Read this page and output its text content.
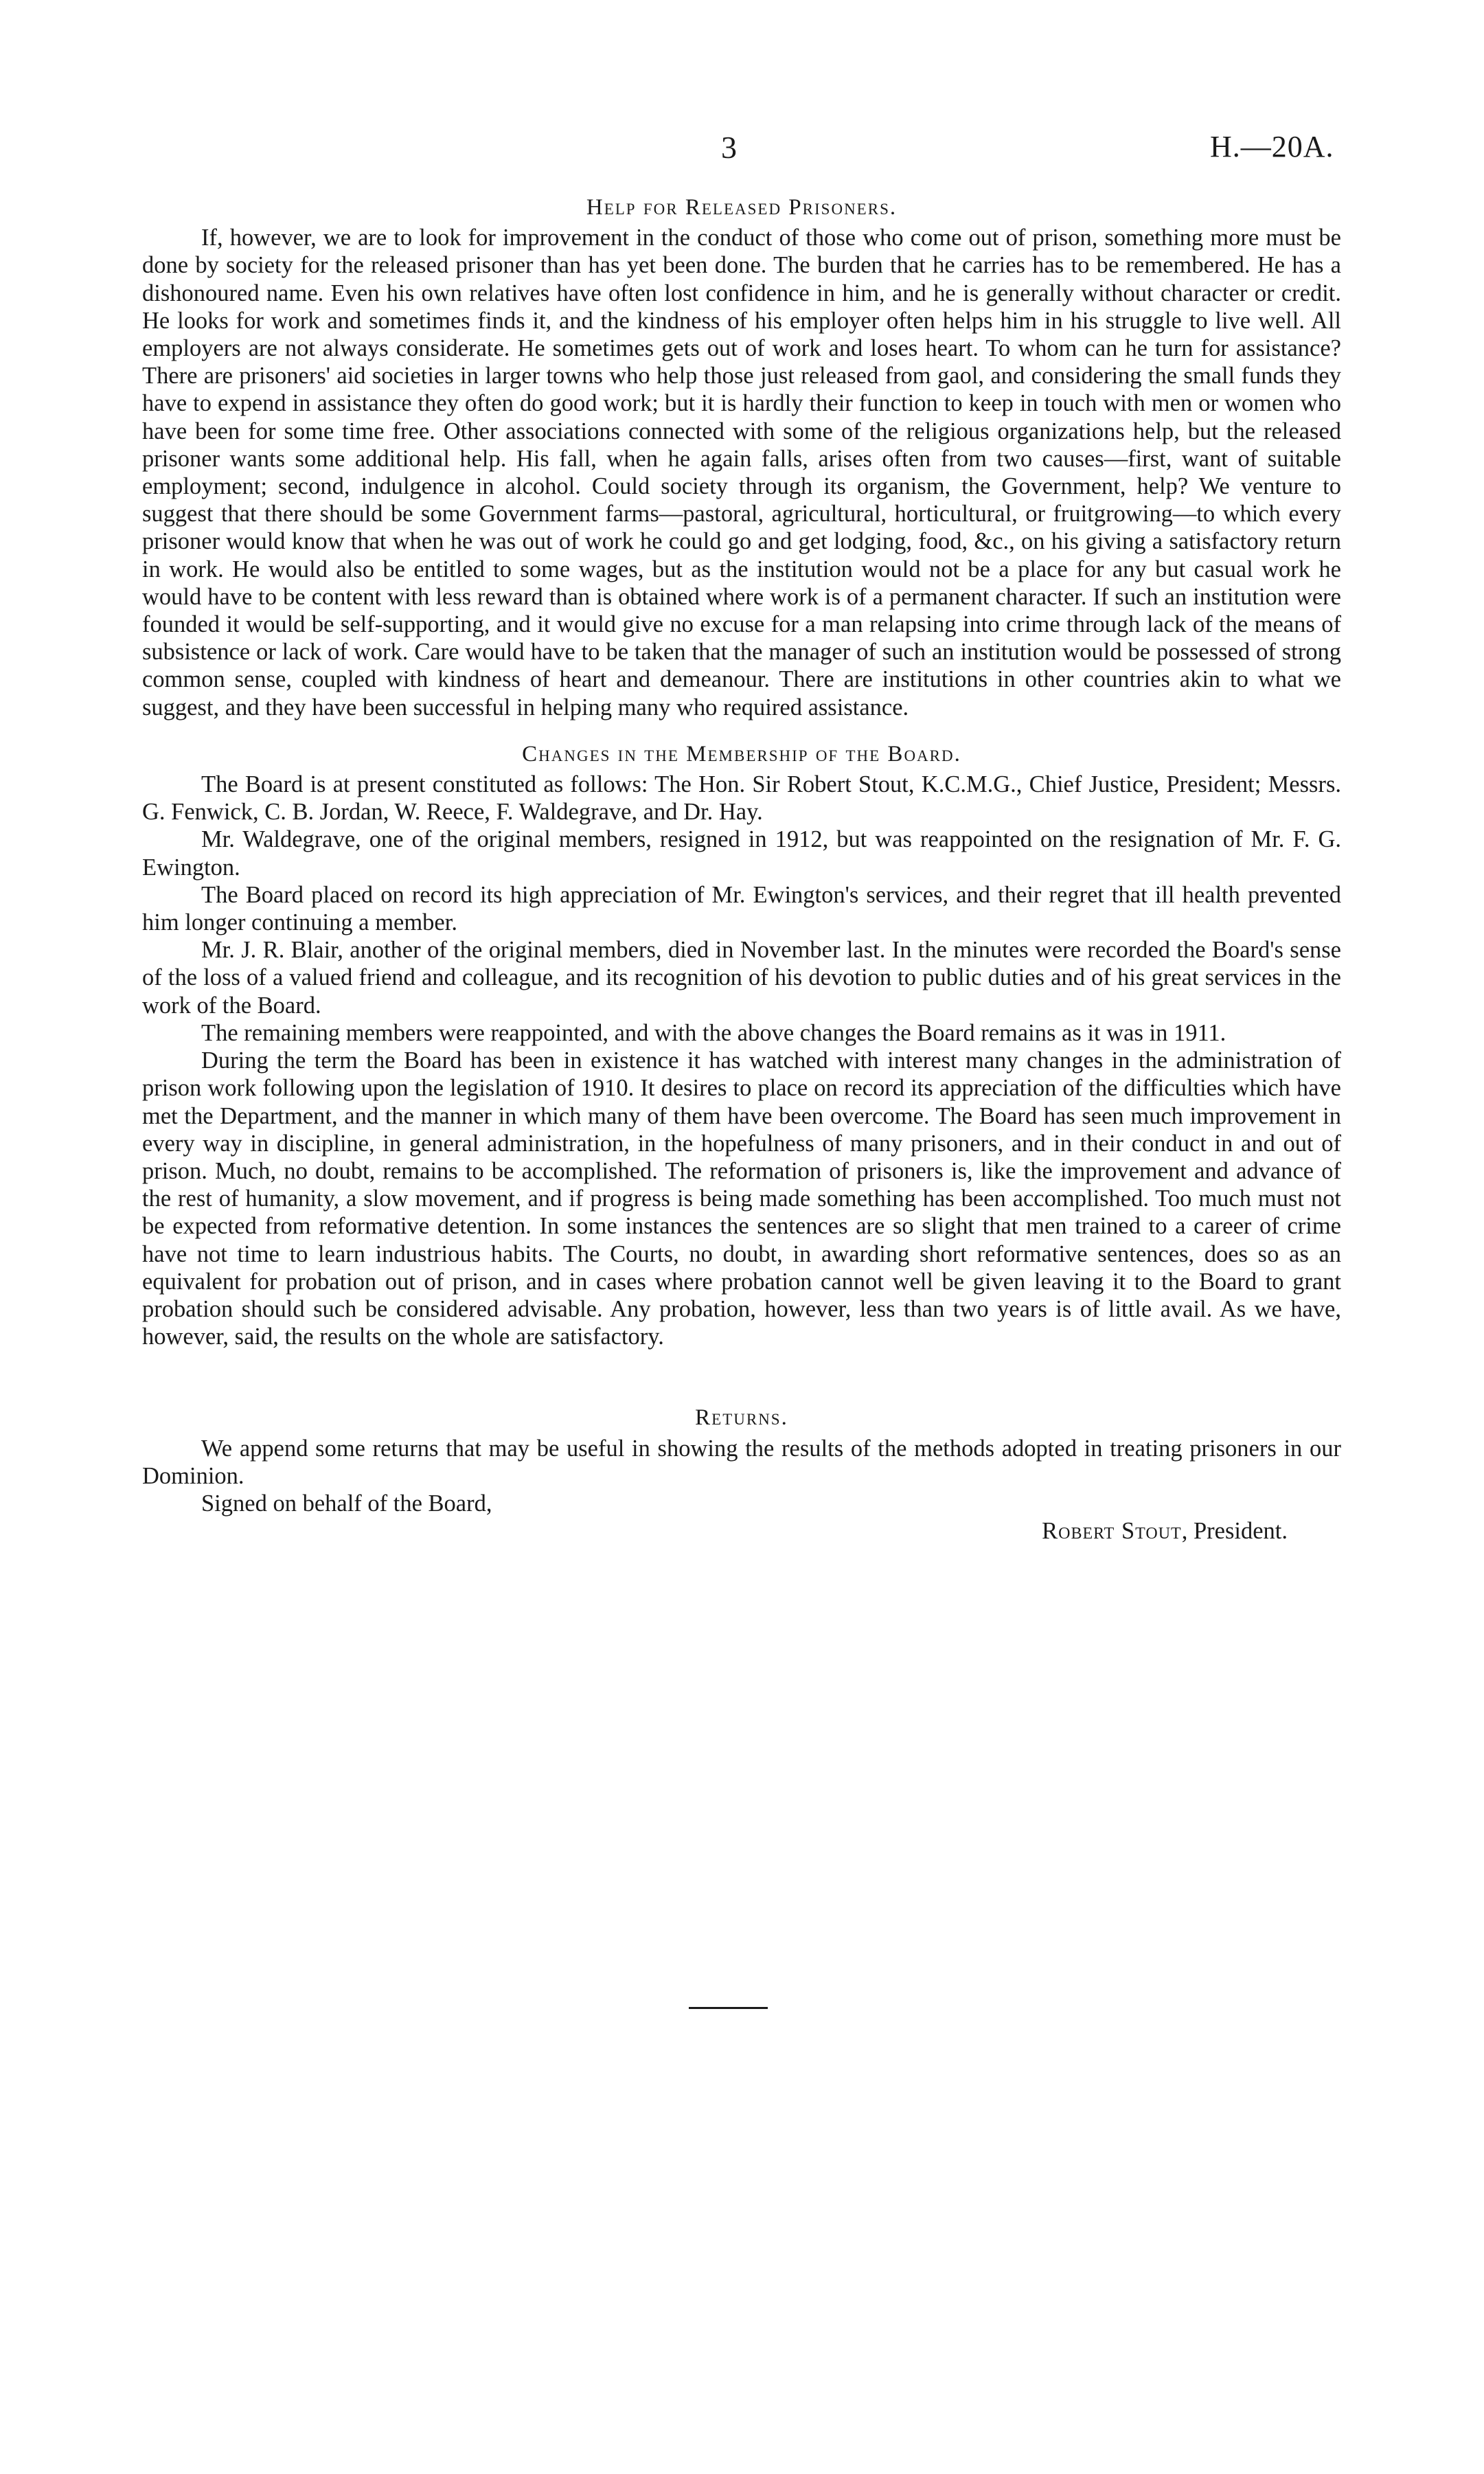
3	H.—20A.
Help for Released Prisoners.

If, however, we are to look for improvement in the conduct of those who come out of prison, something more must be done by society for the released prisoner than has yet been done. The burden that he carries has to be remembered. He has a dishonoured name. Even his own relatives have often lost confidence in him, and he is generally without character or credit. He looks for work and sometimes finds it, and the kindness of his employer often helps him in his struggle to live well. All employers are not always considerate. He sometimes gets out of work and loses heart. To whom can he turn for assistance? There are prisoners' aid societies in larger towns who help those just released from gaol, and considering the small funds they have to expend in assistance they often do good work; but it is hardly their function to keep in touch with men or women who have been for some time free. Other associations connected with some of the religious organizations help, but the released prisoner wants some additional help. His fall, when he again falls, arises often from two causes—first, want of suitable employment; second, indulgence in alcohol. Could society through its organism, the Government, help? We venture to suggest that there should be some Government farms—pastoral, agricultural, horticultural, or fruitgrowing—to which every prisoner would know that when he was out of work he could go and get lodging, food, &c., on his giving a satisfactory return in work. He would also be entitled to some wages, but as the institution would not be a place for any but casual work he would have to be content with less reward than is obtained where work is of a permanent character. If such an institution were founded it would be self-supporting, and it would give no excuse for a man relapsing into crime through lack of the means of subsistence or lack of work. Care would have to be taken that the manager of such an institution would be possessed of strong common sense, coupled with kindness of heart and demeanour. There are institutions in other countries akin to what we suggest, and they have been successful in helping many who required assistance.

Changes in the Membership of the Board.

The Board is at present constituted as follows: The Hon. Sir Robert Stout, K.C.M.G., Chief Justice, President; Messrs. G. Fenwick, C. B. Jordan, W. Reece, F. Waldegrave, and Dr. Hay.

Mr. Waldegrave, one of the original members, resigned in 1912, but was reappointed on the resignation of Mr. F. G. Ewington.

The Board placed on record its high appreciation of Mr. Ewington's services, and their regret that ill health prevented him longer continuing a member.

Mr. J. R. Blair, another of the original members, died in November last. In the minutes were recorded the Board's sense of the loss of a valued friend and colleague, and its recognition of his devotion to public duties and of his great services in the work of the Board.

The remaining members were reappointed, and with the above changes the Board remains as it was in 1911.

During the term the Board has been in existence it has watched with interest many changes in the administration of prison work following upon the legislation of 1910. It desires to place on record its appreciation of the difficulties which have met the Department, and the manner in which many of them have been overcome. The Board has seen much improvement in every way in discipline, in general administration, in the hopefulness of many prisoners, and in their conduct in and out of prison. Much, no doubt, remains to be accomplished. The reformation of prisoners is, like the improvement and advance of the rest of humanity, a slow movement, and if progress is being made something has been accomplished. Too much must not be expected from reformative detention. In some instances the sentences are so slight that men trained to a career of crime have not time to learn industrious habits. The Courts, no doubt, in awarding short reformative sentences, does so as an equivalent for probation out of prison, and in cases where probation cannot well be given leaving it to the Board to grant probation should such be considered advisable. Any probation, however, less than two years is of little avail. As we have, however, said, the results on the whole are satisfactory.

Returns.

We append some returns that may be useful in showing the results of the methods adopted in treating prisoners in our Dominion.

Signed on behalf of the Board,

Robert Stout, President.
